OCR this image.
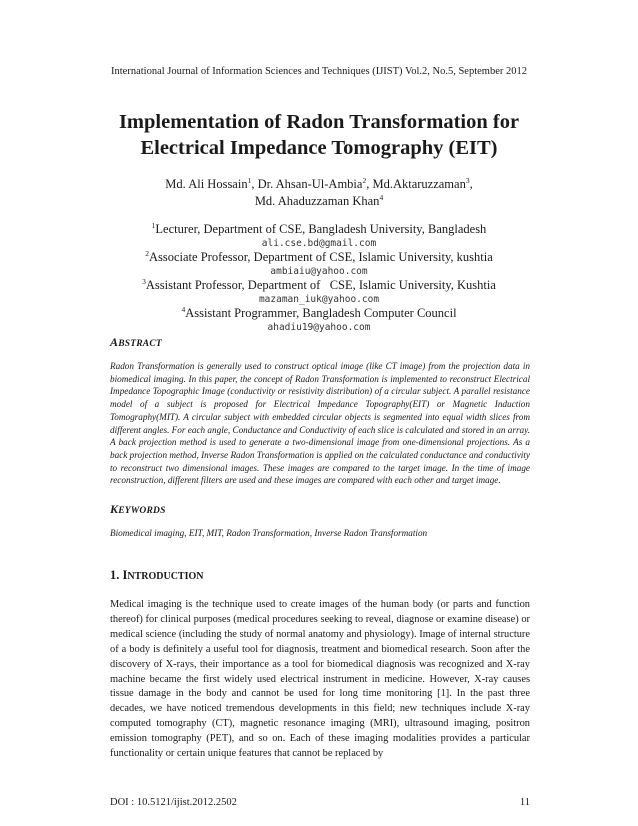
International Journal of Information Sciences and Techniques (IJIST) Vol.2, No.5, September 2012
Implementation of Radon Transformation for
Electrical Impedance Tomography (EIT)
Md. Ali Hossain$^1$, Dr. Ahsan-Ul-Ambia$^2$, Md.Aktaruzzaman$^3$,
Md. Ahaduzzaman Khan$^4$
$^1$Lecturer, Department of CSE, Bangladesh University, Bangladesh
ali.cse.bd@gmail.com
$^2$Associate Professor, Department of CSE, Islamic University, kushtia
ambiaiu@yahoo.com
$^3$Assistant Professor, Department of   CSE, Islamic University, Kushtia
mazaman_iuk@yahoo.com
$^4$Assistant Programmer, Bangladesh Computer Council
ahadiu19@yahoo.com
ABSTRACT
Radon Transformation is generally used to construct optical image (like CT image) from the projection data in biomedical imaging. In this paper, the concept of Radon Transformation is implemented to reconstruct Electrical Impedance Topographic Image (conductivity or resistivity distribution) of a circular subject. A parallel resistance model of a subject is proposed for Electrical Impedance Topography(EIT) or Magnetic Induction Tomography(MIT). A circular subject with embedded circular objects is segmented into equal width slices from different angles. For each angle, Conductance and Conductivity of each slice is calculated and stored in an array. A back projection method is used to generate a two-dimensional image from one-dimensional projections. As a back projection method, Inverse Radon Transformation is applied on the calculated conductance and conductivity to reconstruct two dimensional images. These images are compared to the target image. In the time of image reconstruction, different filters are used and these images are compared with each other and target image.
KEYWORDS
Biomedical imaging, EIT, MIT, Radon Transformation, Inverse Radon Transformation
1. INTRODUCTION
Medical imaging is the technique used to create images of the human body (or parts and function thereof) for clinical purposes (medical procedures seeking to reveal, diagnose or examine disease) or medical science (including the study of normal anatomy and physiology). Image of internal structure of a body is definitely a useful tool for diagnosis, treatment and biomedical research. Soon after the discovery of X-rays, their importance as a tool for biomedical diagnosis was recognized and X-ray machine became the first widely used electrical instrument in medicine. However, X-ray causes tissue damage in the body and cannot be used for long time monitoring [1]. In the past three decades, we have noticed tremendous developments in this field; new techniques include X-ray computed tomography (CT), magnetic resonance imaging (MRI), ultrasound imaging, positron emission tomography (PET), and so on. Each of these imaging modalities provides a particular functionality or certain unique features that cannot be replaced by
DOI : 10.5121/ijist.2012.2502	11
